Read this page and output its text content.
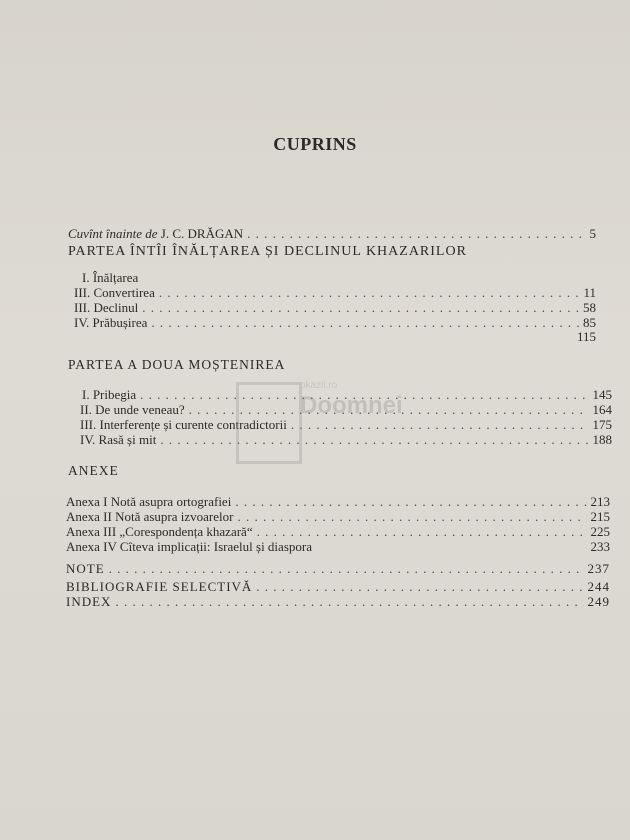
CUPRINS
Cuvînt înainte de J. C. DRĂGAN . . .	5
PARTEA ÎNTÎI ÎNĂLȚAREA ȘI DECLINUL KHAZARILOR
I. Înălțarea
III. Convertirea . . .	11
III. Declinul . . .	58
IV. Prăbușirea . . .	85
115
PARTEA A DOUA MOȘTENIREA
I. Pribegia . . .	145
II. De unde veneau? . . .	164
III. Interferențe și curente contradictorii . . .	175
IV. Rasă și mit . . .	188
ANEXE
Anexa I Notă asupra ortografiei . . .	213
Anexa II Notă asupra izvoarelor . . .	215
Anexa III „Corespondența khazară“ . . .	225
Anexa IV Cîteva implicații: Israelul și diaspora	233
NOTE . . .	237
BIBLIOGRAFIE SELECTIVĂ . . .	244
INDEX . . .	249
okazii.ro
Doomnei
